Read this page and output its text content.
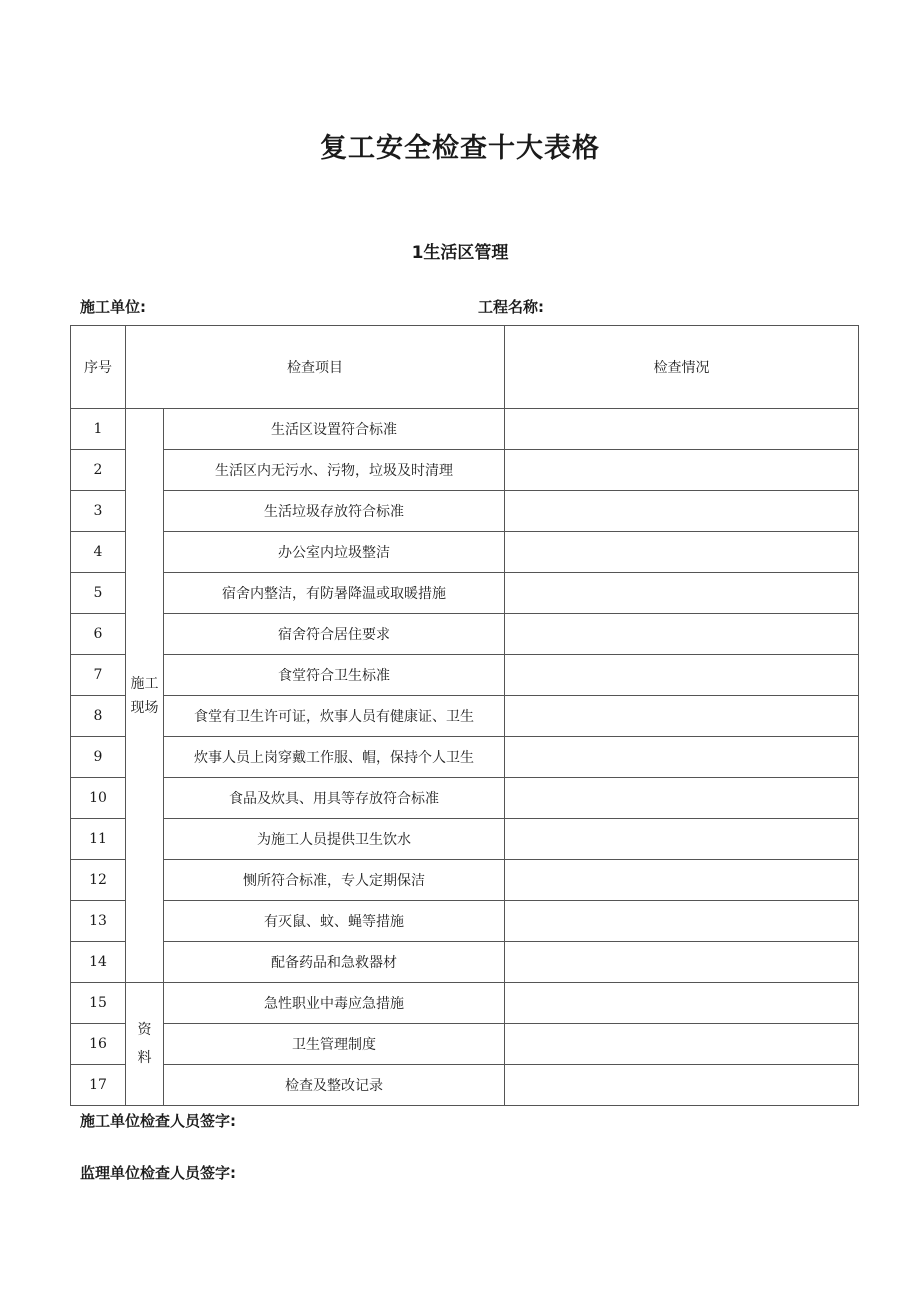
复工安全检查十大表格
1生活区管理
施工单位:	工程名称:
序号	检查项目		检查情况
1	施工现场	生活区设置符合标准	
2		生活区内无污水、污物，垃圾及时清理	
3		生活垃圾存放符合标准	
4		办公室内垃圾整洁	
5		宿舍内整洁，有防暑降温或取暖措施	
6		宿舍符合居住要求	
7		食堂符合卫生标准	
8		食堂有卫生许可证，炊事人员有健康证、卫生	
9		炊事人员上岗穿戴工作服、帽，保持个人卫生	
10		食品及炊具、用具等存放符合标准	
11		为施工人员提供卫生饮水	
12		恻所符合标准，专人定期保洁	
13		有灭鼠、蚊、蝇等措施	
14		配备药品和急救器材	
15	资料	急性职业中毒应急措施	
16		卫生管理制度	
17		检查及整改记录	
施工单位检查人员签字:
监理单位检查人员签字:
